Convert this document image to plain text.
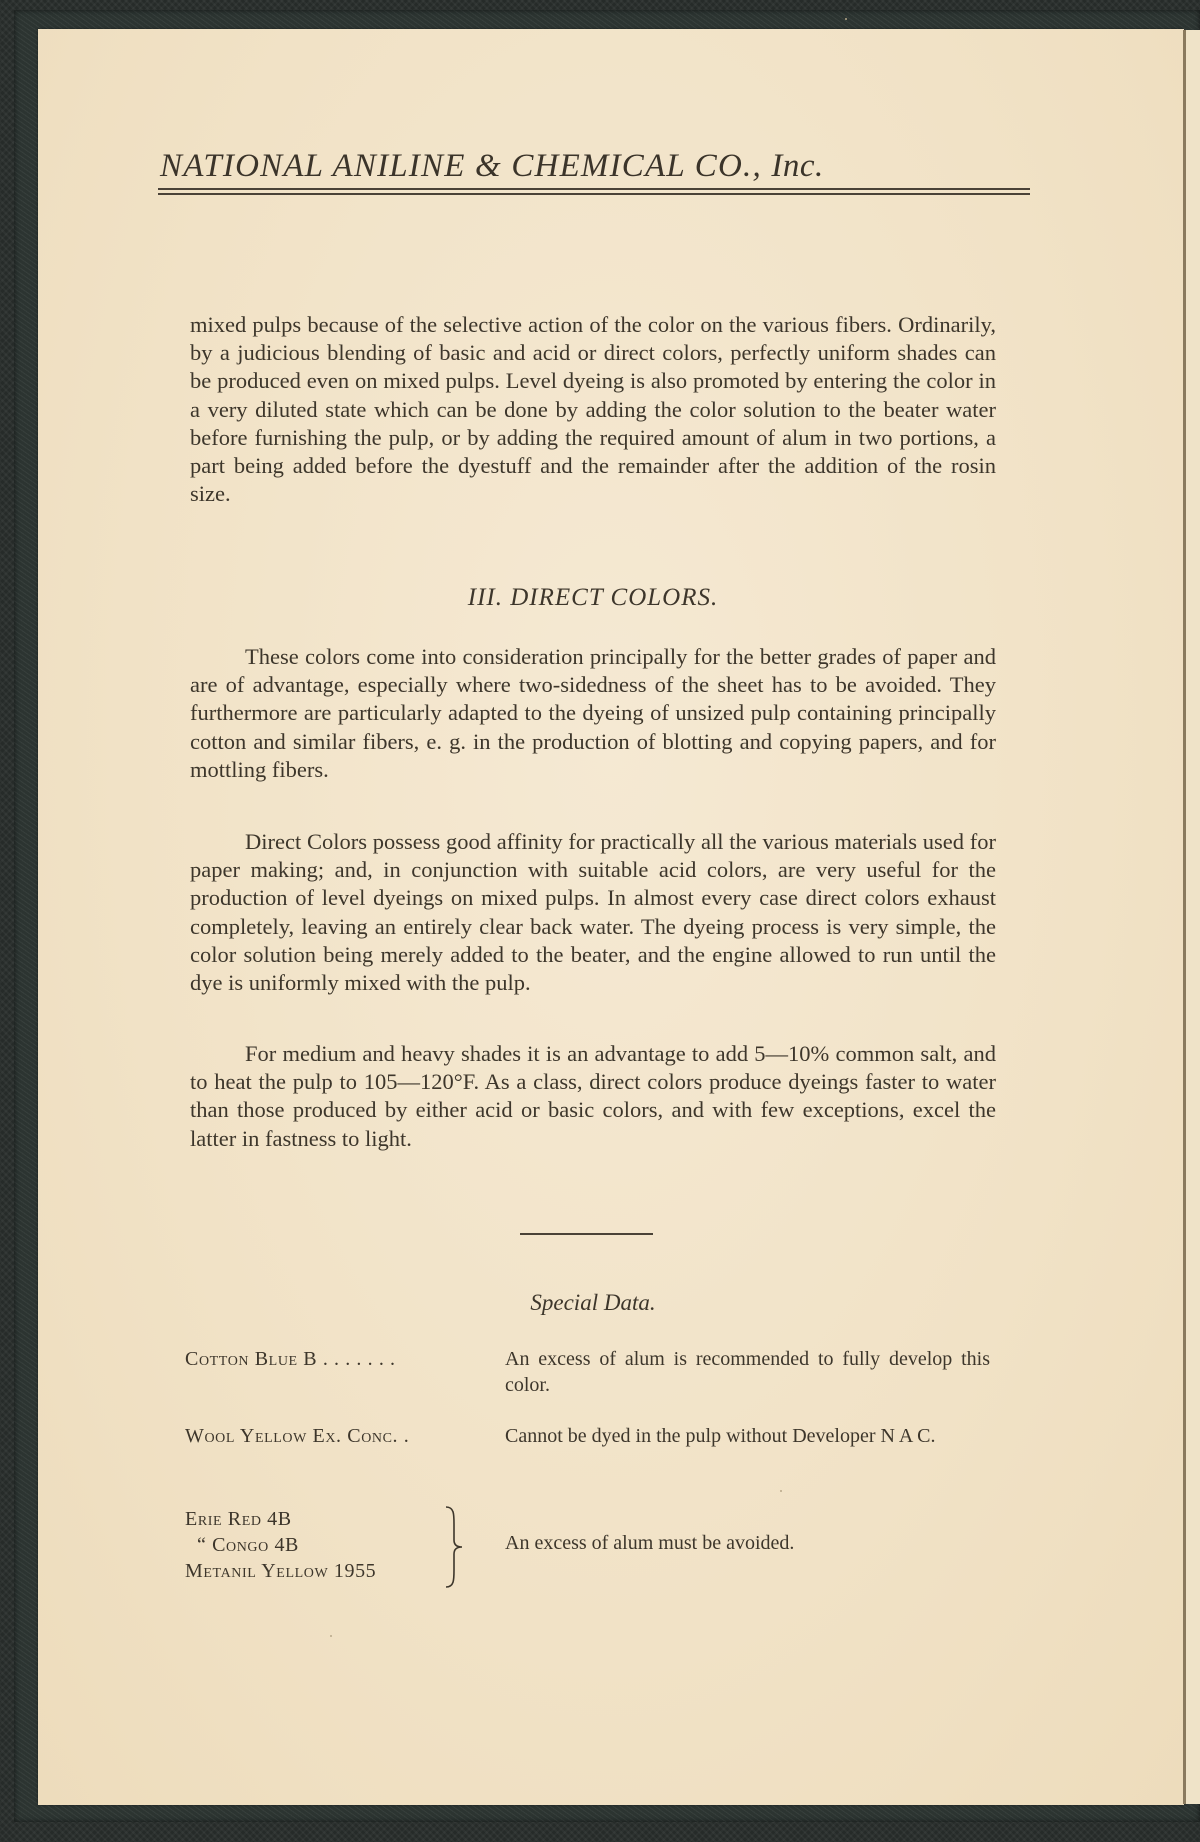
NATIONAL ANILINE & CHEMICAL CO., Inc.

mixed pulps because of the selective action of the color on the various fibers. Ordinarily, by a judicious blending of basic and acid or direct colors, perfectly uniform shades can be produced even on mixed pulps. Level dyeing is also promoted by entering the color in a very diluted state which can be done by adding the color solution to the beater water before furnishing the pulp, or by adding the required amount of alum in two portions, a part being added before the dyestuff and the remainder after the addition of the rosin size.

III. DIRECT COLORS.

These colors come into consideration principally for the better grades of paper and are of advantage, especially where two-sidedness of the sheet has to be avoided. They furthermore are particularly adapted to the dyeing of unsized pulp containing principally cotton and similar fibers, e. g. in the production of blotting and copying papers, and for mottling fibers.

Direct Colors possess good affinity for practically all the various materials used for paper making; and, in conjunction with suitable acid colors, are very useful for the production of level dyeings on mixed pulps. In almost every case direct colors exhaust completely, leaving an entirely clear back water. The dyeing process is very simple, the color solution being merely added to the beater, and the engine allowed to run until the dye is uniformly mixed with the pulp.

For medium and heavy shades it is an advantage to add 5—10% common salt, and to heat the pulp to 105—120°F. As a class, direct colors produce dyeings faster to water than those produced by either acid or basic colors, and with few exceptions, excel the latter in fastness to light.

Special Data.
Cotton Blue B . . . . . . .	An excess of alum is recommended to fully develop this color.
Wool Yellow Ex. Conc. .	Cannot be dyed in the pulp without Developer N A C.
Erie Red 4B
“ Congo 4B
Metanil Yellow 1955
An excess of alum must be avoided.
